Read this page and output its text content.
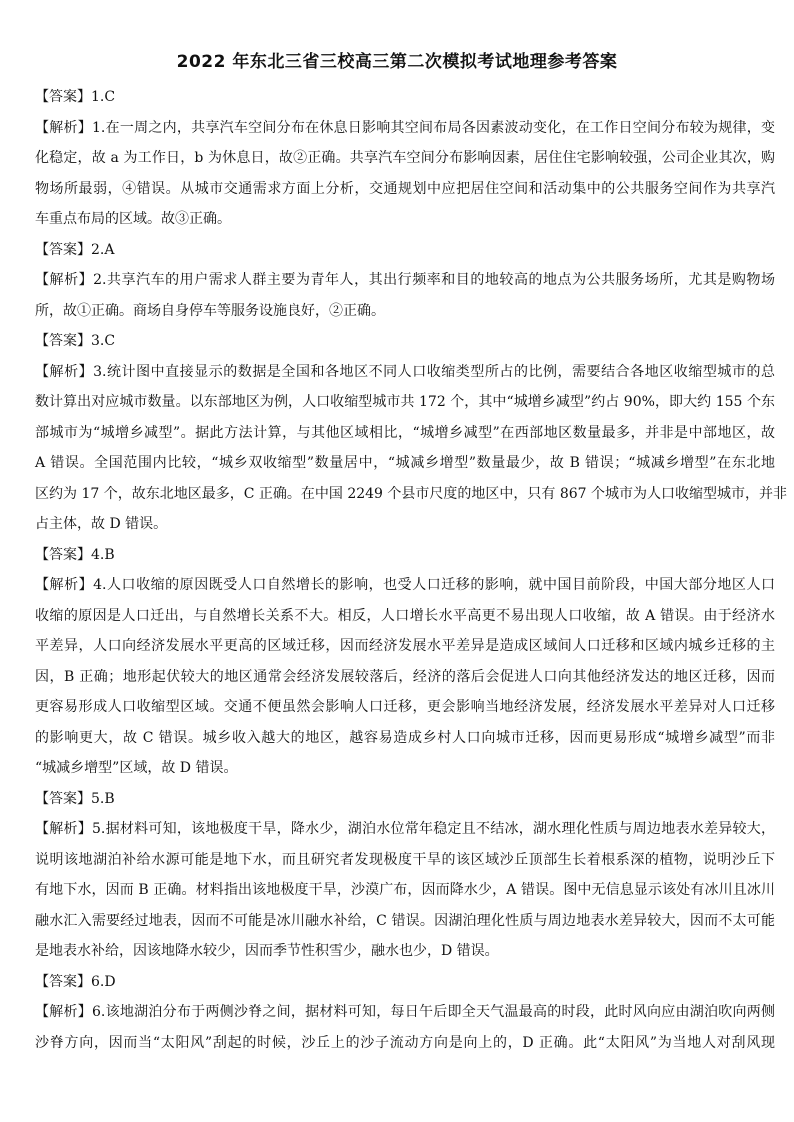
2022 年东北三省三校高三第二次模拟考试地理参考答案
【答案】1.C
【解析】1.在一周之内，共享汽车空间分布在休息日影响其空间布局各因素波动变化，在工作日空间分布较为规律，变
化稳定，故 a 为工作日，b 为休息日，故②正确。共享汽车空间分布影响因素，居住住宅影响较强，公司企业其次，购
物场所最弱，④错误。从城市交通需求方面上分析，交通规划中应把居住空间和活动集中的公共服务空间作为共享汽
车重点布局的区域。故③正确。
【答案】2.A
【解析】2.共享汽车的用户需求人群主要为青年人，其出行频率和目的地较高的地点为公共服务场所，尤其是购物场
所，故①正确。商场自身停车等服务设施良好，②正确。
【答案】3.C
【解析】3.统计图中直接显示的数据是全国和各地区不同人口收缩类型所占的比例，需要结合各地区收缩型城市的总
数计算出对应城市数量。以东部地区为例，人口收缩型城市共 172 个，其中“城增乡减型”约占 90%，即大约 155 个东
部城市为“城增乡减型”。据此方法计算，与其他区域相比，“城增乡减型”在西部地区数量最多，并非是中部地区，故
A 错误。全国范围内比较，“城乡双收缩型”数量居中，“城减乡增型”数量最少，故 B 错误；“城减乡增型”在东北地
区约为 17 个，故东北地区最多，C 正确。在中国 2249 个县市尺度的地区中，只有 867 个城市为人口收缩型城市，并非
占主体，故 D 错误。
【答案】4.B
【解析】4.人口收缩的原因既受人口自然增长的影响，也受人口迁移的影响，就中国目前阶段，中国大部分地区人口
收缩的原因是人口迁出，与自然增长关系不大。相反，人口增长水平高更不易出现人口收缩，故 A 错误。由于经济水
平差异，人口向经济发展水平更高的区域迁移，因而经济发展水平差异是造成区域间人口迁移和区域内城乡迁移的主
因，B 正确；地形起伏较大的地区通常会经济发展较落后，经济的落后会促进人口向其他经济发达的地区迁移，因而
更容易形成人口收缩型区域。交通不便虽然会影响人口迁移，更会影响当地经济发展，经济发展水平差异对人口迁移
的影响更大，故 C 错误。城乡收入越大的地区，越容易造成乡村人口向城市迁移，因而更易形成“城增乡减型”而非
“城减乡增型”区域，故 D 错误。
【答案】5.B
【解析】5.据材料可知，该地极度干旱，降水少，湖泊水位常年稳定且不结冰，湖水理化性质与周边地表水差异较大，
说明该地湖泊补给水源可能是地下水，而且研究者发现极度干旱的该区域沙丘顶部生长着根系深的植物，说明沙丘下
有地下水，因而 B 正确。材料指出该地极度干旱，沙漠广布，因而降水少，A 错误。图中无信息显示该处有冰川且冰川
融水汇入需要经过地表，因而不可能是冰川融水补给，C 错误。因湖泊理化性质与周边地表水差异较大，因而不太可能
是地表水补给，因该地降水较少，因而季节性积雪少，融水也少，D 错误。
【答案】6.D
【解析】6.该地湖泊分布于两侧沙脊之间，据材料可知，每日午后即全天气温最高的时段，此时风向应由湖泊吹向两侧
沙脊方向，因而当“太阳风”刮起的时候，沙丘上的沙子流动方向是向上的，D 正确。此“太阳风”为当地人对刮风现
